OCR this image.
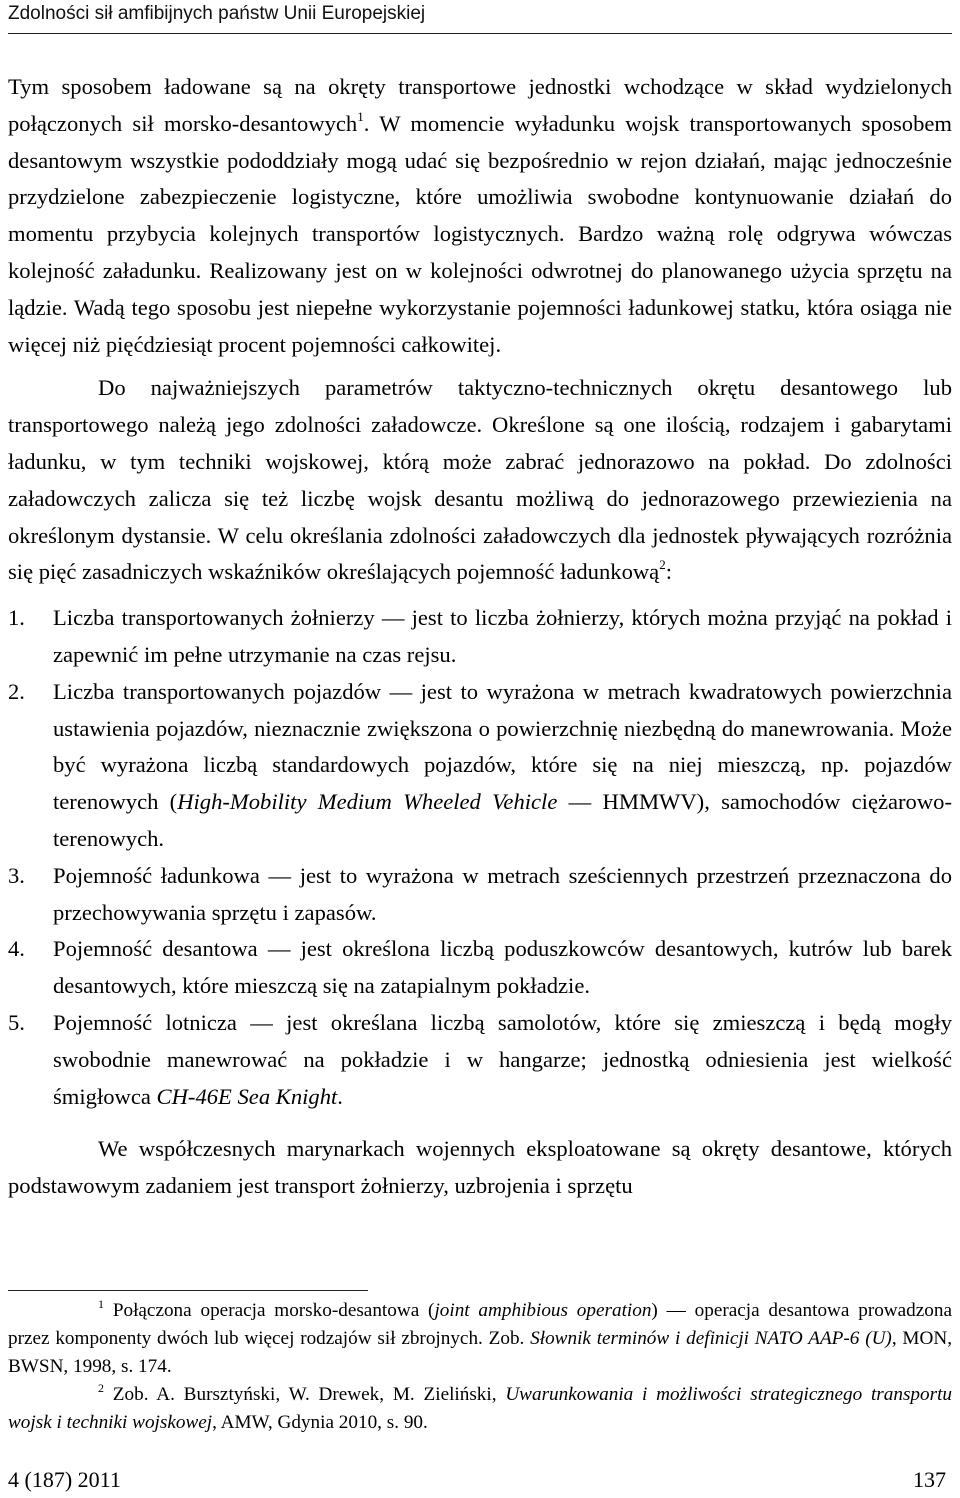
Zdolności sił amfibijnych państw Unii Europejskiej

Tym sposobem ładowane są na okręty transportowe jednostki wchodzące w skład wydzielonych połączonych sił morsko-desantowych$^1$. W momencie wyładunku wojsk transportowanych sposobem desantowym wszystkie pododdziały mogą udać się bezpośrednio w rejon działań, mając jednocześnie przydzielone zabezpieczenie logistyczne, które umożliwia swobodne kontynuowanie działań do momentu przybycia kolejnych transportów logistycznych. Bardzo ważną rolę odgrywa wówczas kolejność załadunku. Realizowany jest on w kolejności odwrotnej do planowanego użycia sprzętu na lądzie. Wadą tego sposobu jest niepełne wykorzystanie pojemności ładunkowej statku, która osiąga nie więcej niż pięćdziesiąt procent pojemności całkowitej.

Do najważniejszych parametrów taktyczno-technicznych okrętu desantowego lub transportowego należą jego zdolności załadowcze. Określone są one ilością, rodzajem i gabarytami ładunku, w tym techniki wojskowej, którą może zabrać jednorazowo na pokład. Do zdolności załadowczych zalicza się też liczbę wojsk desantu możliwą do jednorazowego przewiezienia na określonym dystansie. W celu określania zdolności załadowczych dla jednostek pływających rozróżnia się pięć zasadniczych wskaźników określających pojemność ładunkową$^2$:

1. Liczba transportowanych żołnierzy — jest to liczba żołnierzy, których można przyjąć na pokład i zapewnić im pełne utrzymanie na czas rejsu.
2. Liczba transportowanych pojazdów — jest to wyrażona w metrach kwadratowych powierzchnia ustawienia pojazdów, nieznacznie zwiększona o powierzchnię niezbędną do manewrowania. Może być wyrażona liczbą standardowych pojazdów, które się na niej mieszczą, np. pojazdów terenowych (High-Mobility Medium Wheeled Vehicle — HMMWV), samochodów ciężarowo-terenowych.
3. Pojemność ładunkowa — jest to wyrażona w metrach sześciennych przestrzeń przeznaczona do przechowywania sprzętu i zapasów.
4. Pojemność desantowa — jest określona liczbą poduszkowców desantowych, kutrów lub barek desantowych, które mieszczą się na zatapialnym pokładzie.
5. Pojemność lotnicza — jest określana liczbą samolotów, które się zmieszczą i będą mogły swobodnie manewrować na pokładzie i w hangarze; jednostką odniesienia jest wielkość śmigłowca CH-46E Sea Knight.

We współczesnych marynarkach wojennych eksploatowane są okręty desantowe, których podstawowym zadaniem jest transport żołnierzy, uzbrojenia i sprzętu

$^1$ Połączona operacja morsko-desantowa (joint amphibious operation) — operacja desantowa prowadzona przez komponenty dwóch lub więcej rodzajów sił zbrojnych. Zob. Słownik terminów i definicji NATO AAP-6 (U), MON, BWSN, 1998, s. 174.

$^2$ Zob. A. Bursztyński, W. Drewek, M. Zieliński, Uwarunkowania i możliwości strategicznego transportu wojsk i techniki wojskowej, AMW, Gdynia 2010, s. 90.

4 (187) 2011	137
